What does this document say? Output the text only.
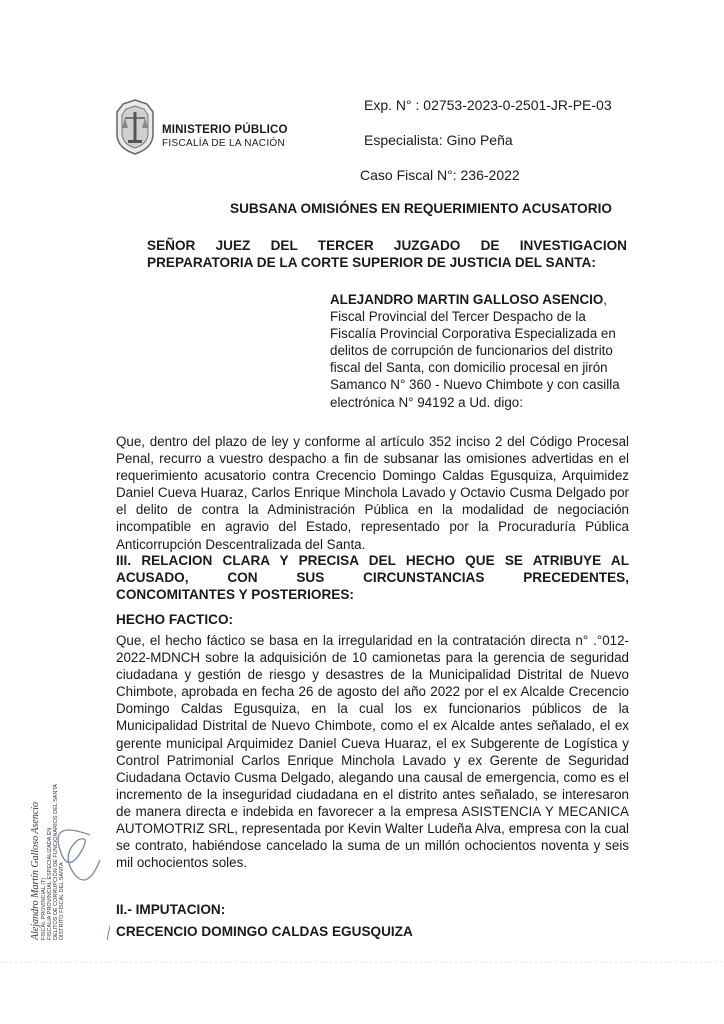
MINISTERIO PÚBLICO
FISCALÍA DE LA NACIÓN
Exp. N° : 02753-2023-0-2501-JR-PE-03
Especialista: Gino Peña
Caso Fiscal N°: 236-2022
SUBSANA OMISIÓNES EN REQUERIMIENTO ACUSATORIO
SEÑOR JUEZ DEL TERCER JUZGADO DE INVESTIGACION
PREPARATORIA DE LA CORTE SUPERIOR DE JUSTICIA DEL SANTA:
ALEJANDRO MARTIN GALLOSO ASENCIO, Fiscal Provincial del Tercer Despacho de la Fiscalía Provincial Corporativa Especializada en delitos de corrupción de funcionarios del distrito fiscal del Santa, con domicilio procesal en jirón Samanco N° 360 - Nuevo Chimbote y con casilla electrónica N° 94192 a Ud. digo:
Que, dentro del plazo de ley y conforme al artículo 352 inciso 2 del Código Procesal Penal, recurro a vuestro despacho a fin de subsanar las omisiones advertidas en el requerimiento acusatorio contra Crecencio Domingo Caldas Egusquiza, Arquimidez Daniel Cueva Huaraz, Carlos Enrique Minchola Lavado y Octavio Cusma Delgado por el delito de contra la Administración Pública en la modalidad de negociación incompatible en agravio del Estado, representado por la Procuraduría Pública Anticorrupción Descentralizada del Santa.
III. RELACION CLARA Y PRECISA DEL HECHO QUE SE ATRIBUYE AL
ACUSADO, CON SUS CIRCUNSTANCIAS PRECEDENTES,
CONCOMITANTES Y POSTERIORES:
HECHO FACTICO:
Que, el hecho fáctico se basa en la irregularidad en la contratación directa n° .°012-2022-MDNCH sobre la adquisición de 10 camionetas para la gerencia de seguridad ciudadana y gestión de riesgo y desastres de la Municipalidad Distrital de Nuevo Chimbote, aprobada en fecha 26 de agosto del año 2022 por el ex Alcalde Crecencio Domingo Caldas Egusquiza, en la cual los ex funcionarios públicos de la Municipalidad Distrital de Nuevo Chimbote, como el ex Alcalde antes señalado, el ex gerente municipal Arquimidez Daniel Cueva Huaraz, el ex Subgerente de Logística y Control Patrimonial Carlos Enrique Minchola Lavado y ex Gerente de Seguridad Ciudadana Octavio Cusma Delgado, alegando una causal de emergencia, como es el incremento de la inseguridad ciudadana en el distrito antes señalado, se interesaron de manera directa e indebida en favorecer a la empresa ASISTENCIA Y MECANICA AUTOMOTRIZ SRL, representada por Kevin Walter Ludeña Alva, empresa con la cual se contrato, habiéndose cancelado la suma de un millón ochocientos noventa y seis mil ochocientos soles.
II.- IMPUTACION:
CRECENCIO DOMINGO CALDAS EGUSQUIZA
Alejandro Martín Galloso Asencio FISCAL PROVINCIAL (T) FISCALÍA PROVINCIAL ESPECIALIZADA EN DELITOS DE CORRUPCIÓN DE FUNCIONARIOS DEL SANTA DISTRITO FISCAL DEL SANTA
